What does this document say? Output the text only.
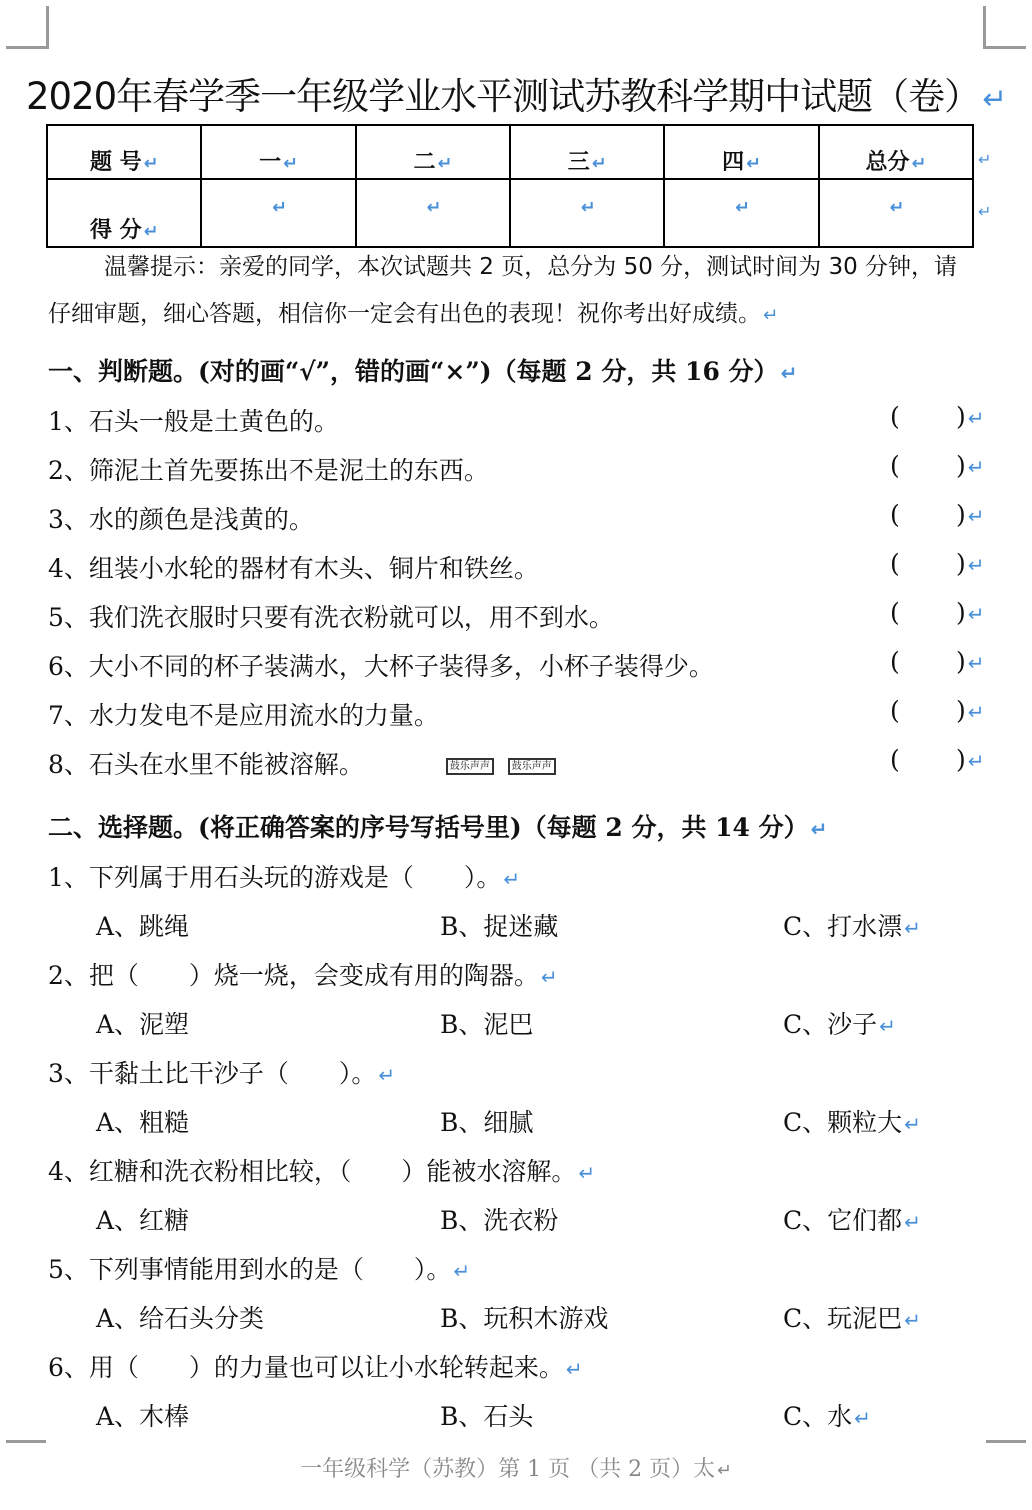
2020年春学季一年级学业水平测试苏教科学期中试题（卷）↵
题 号 ↵	一 ↵	二 ↵	三 ↵	四 ↵	总分 ↵
得 分 ↵	↵	↵	↵	↵	↵
↵
↵
温馨提示：亲爱的同学，本次试题共 2 页，总分为 50 分，测试时间为 30 分钟，请仔细审题，细心答题，相信你一定会有出色的表现！祝你考出好成绩。 ↵
一、判断题。(对的画“√”，错的画“×”)（每题 2 分，共 16 分） ↵
1、石头一般是土黄色的。	( ) ↵
2、筛泥土首先要拣出不是泥土的东西。	( ) ↵
3、水的颜色是浅黄的。	( ) ↵
4、组装小水轮的器材有木头、铜片和铁丝。	( ) ↵
5、我们洗衣服时只要有洗衣粉就可以，用不到水。	( ) ↵
6、大小不同的杯子装满水，大杯子装得多，小杯子装得少。	( ) ↵
7、水力发电不是应用流水的力量。	( ) ↵
8、石头在水里不能被溶解。	鼓乐声声 鼓乐声声	( ) ↵
二、选择题。(将正确答案的序号写括号里)（每题 2 分，共 14 分） ↵
1、下列属于用石头玩的游戏是（　　）。 ↵
A、跳绳	B、捉迷藏	C、打水漂 ↵
2、把（　　）烧一烧，会变成有用的陶器。 ↵
A、泥塑	B、泥巴	C、沙子 ↵
3、干黏土比干沙子（　　）。 ↵
A、粗糙	B、细腻	C、颗粒大 ↵
4、红糖和洗衣粉相比较，（　　）能被水溶解。 ↵
A、红糖	B、洗衣粉	C、它们都 ↵
5、下列事情能用到水的是（　　）。 ↵
A、给石头分类	B、玩积木游戏	C、玩泥巴 ↵
6、用（　　）的力量也可以让小水轮转起来。 ↵
A、木棒	B、石头	C、水 ↵
一年级科学（苏教）第 1 页 （共 2 页）太 ↵
